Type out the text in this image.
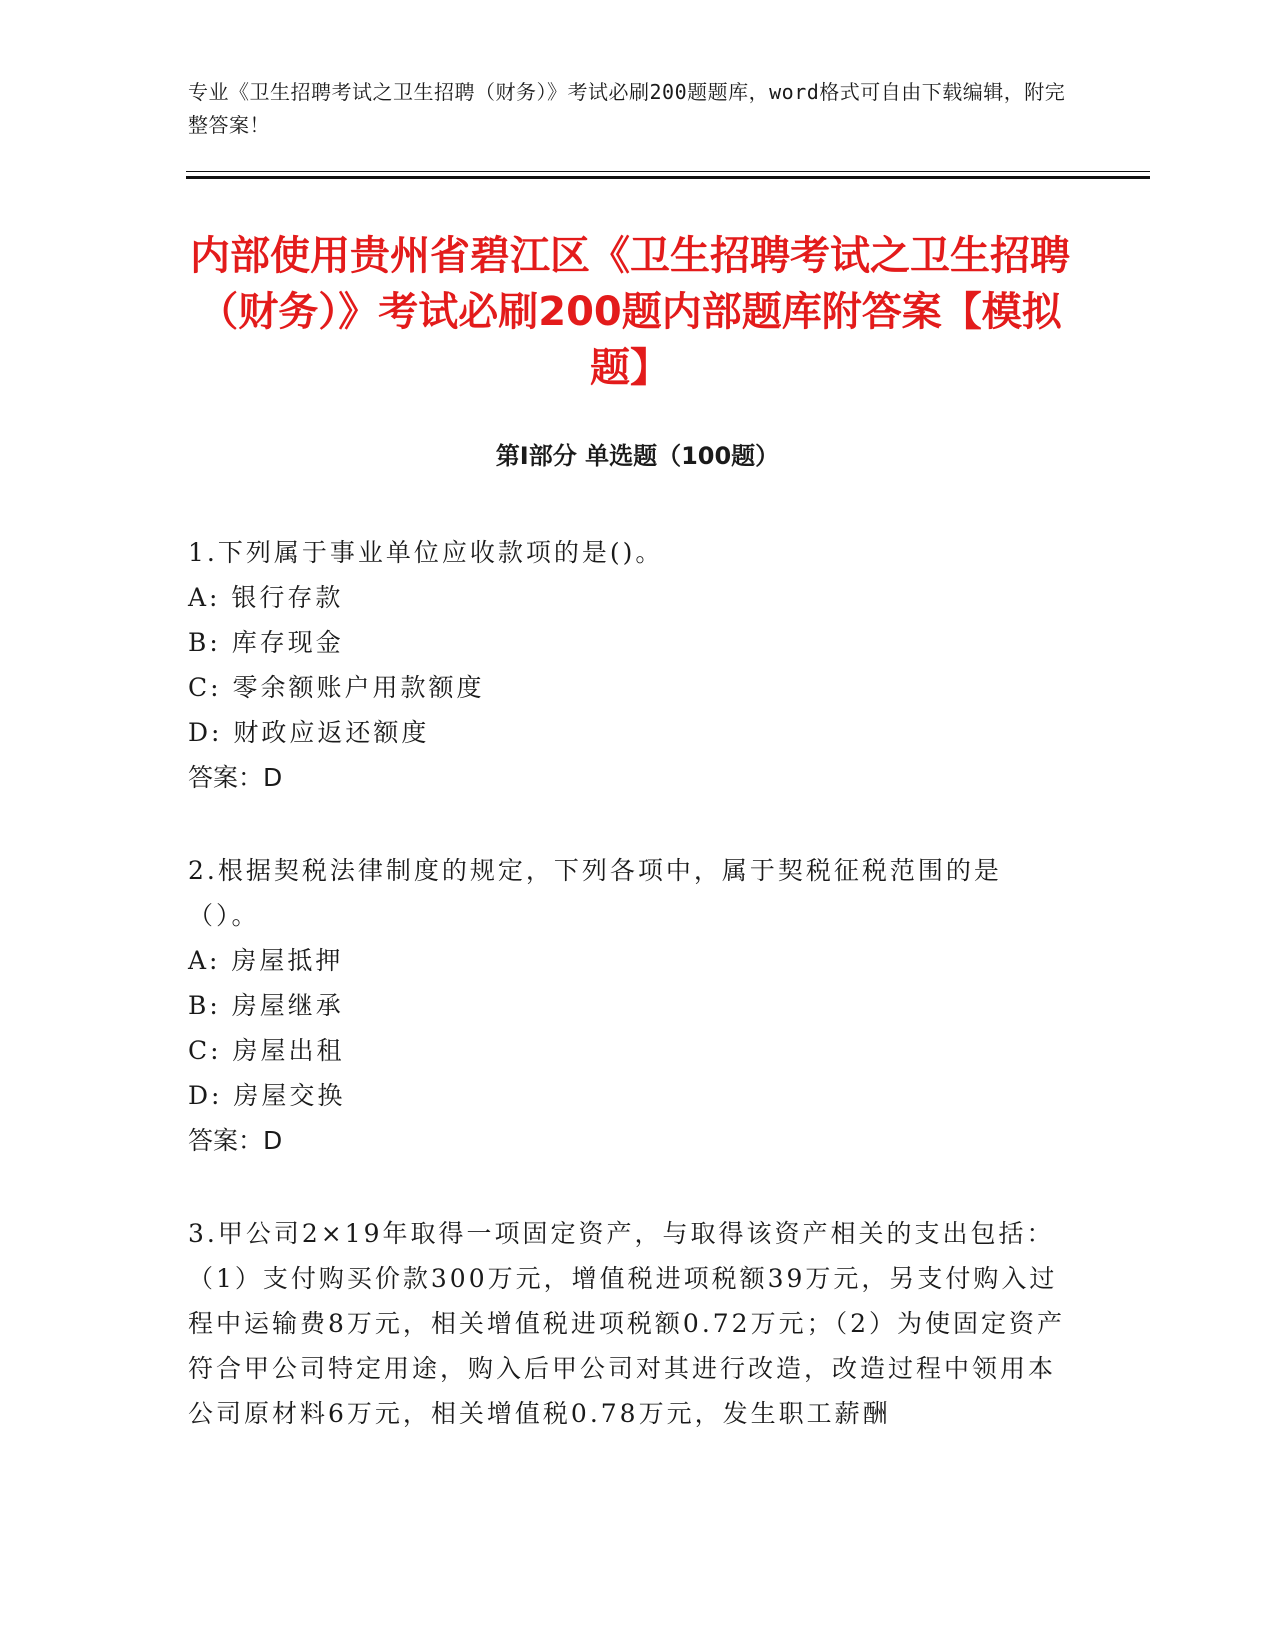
专业《卫生招聘考试之卫生招聘（财务）》考试必刷200题题库，word格式可自由下载编辑，附完整答案！
内部使用贵州省碧江区《卫生招聘考试之卫生招聘（财务）》考试必刷200题内部题库附答案【模拟题】
第I部分 单选题（100题）
1.下列属于事业单位应收款项的是()。
A: 银行存款
B: 库存现金
C: 零余额账户用款额度
D: 财政应返还额度
答案：D
2.根据契税法律制度的规定，下列各项中，属于契税征税范围的是（）。
A: 房屋抵押
B: 房屋继承
C: 房屋出租
D: 房屋交换
答案：D
3.甲公司2×19年取得一项固定资产，与取得该资产相关的支出包括：（1）支付购买价款300万元，增值税进项税额39万元，另支付购入过程中运输费8万元，相关增值税进项税额0.72万元；（2）为使固定资产符合甲公司特定用途，购入后甲公司对其进行改造，改造过程中领用本公司原材料6万元，相关增值税0.78万元，发生职工薪酬
